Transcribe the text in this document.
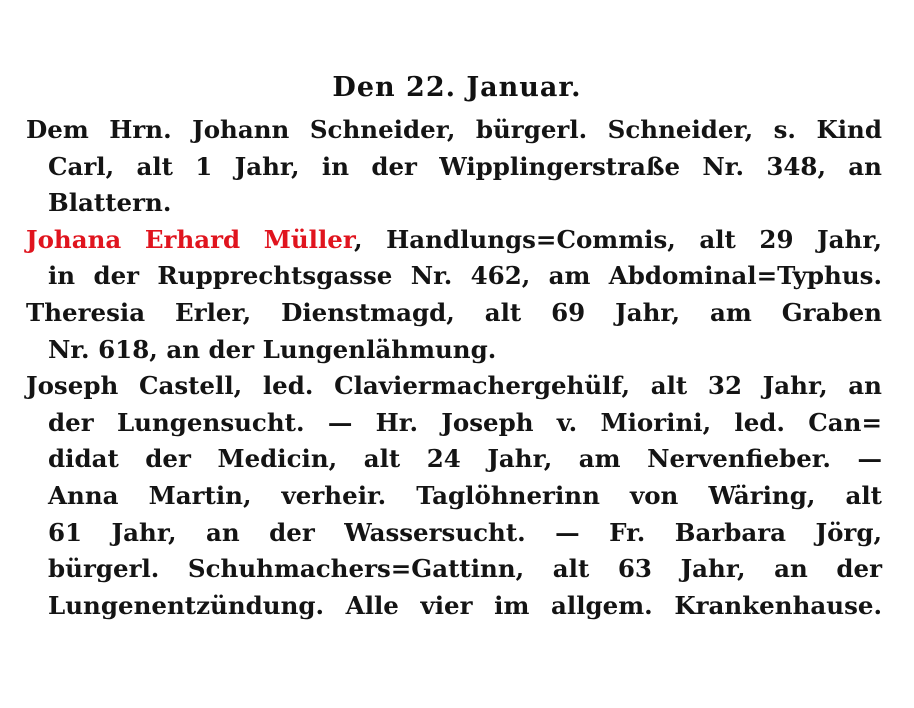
Den 22. Januar.
Dem Hrn. Johann Schneider, bürgerl. Schneider, s. Kind
Carl, alt 1 Jahr, in der Wipplingerstraße Nr. 348, an
Blattern.
Johana Erhard Müller, Handlungs=Commis, alt 29 Jahr,
in der Rupprechtsgasse Nr. 462, am Abdominal=Typhus.
Theresia Erler, Dienstmagd, alt 69 Jahr, am Graben
Nr. 618, an der Lungenlähmung.
Joseph Castell, led. Claviermachergehülf, alt 32 Jahr, an
der Lungensucht. — Hr. Joseph v. Miorini, led. Can=
didat der Medicin, alt 24 Jahr, am Nervenfieber. —
Anna Martin, verheir. Taglöhnerinn von Wäring, alt
61 Jahr, an der Wassersucht. — Fr. Barbara Jörg,
bürgerl. Schuhmachers=Gattinn, alt 63 Jahr, an der
Lungenentzündung. Alle vier im allgem. Krankenhause.
